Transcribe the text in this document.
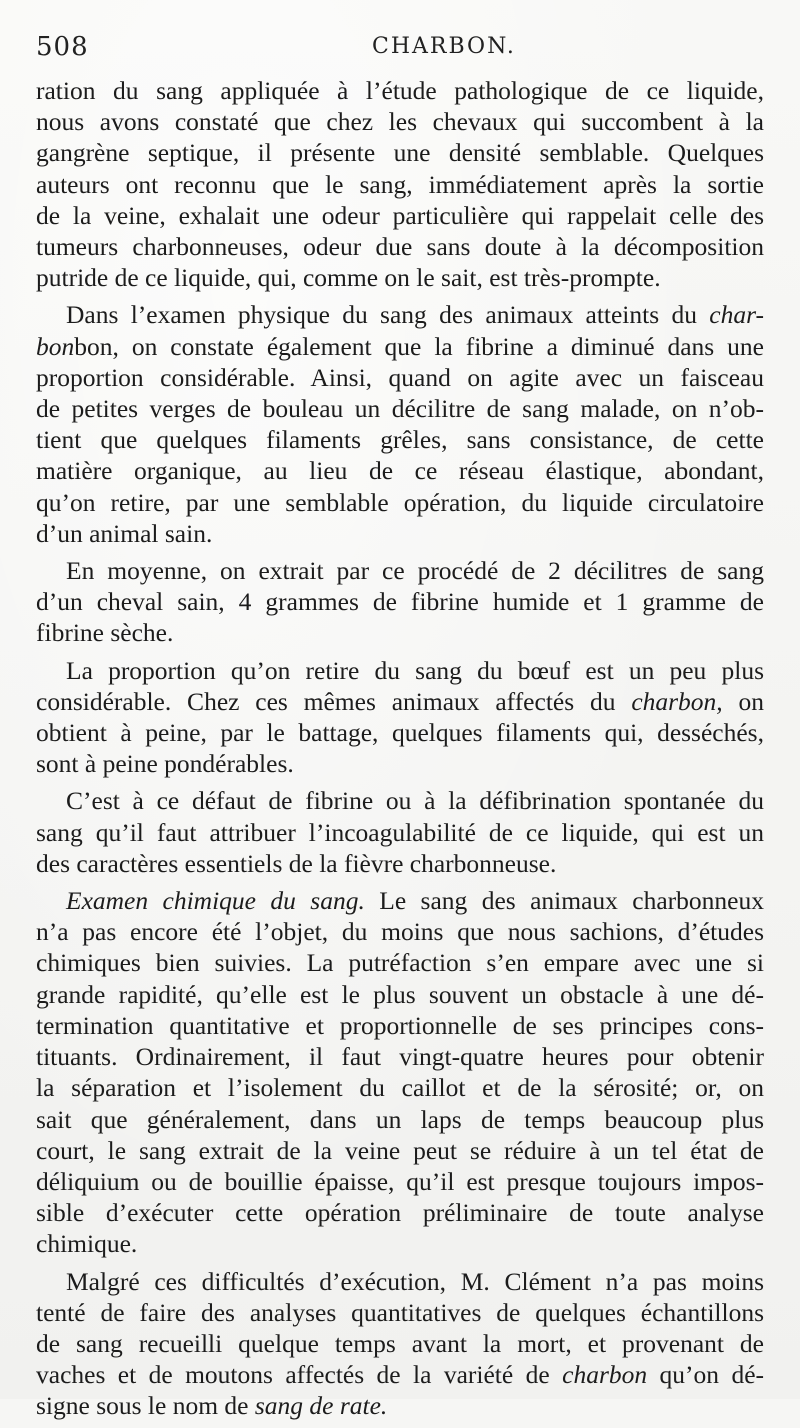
508	CHARBON.

ration du sang appliquée à l’étude pathologique de ce liquide,
nous avons constaté que chez les chevaux qui succombent à la
gangrène septique, il présente une densité semblable. Quelques
auteurs ont reconnu que le sang, immédiatement après la sortie
de la veine, exhalait une odeur particulière qui rappelait celle des
tumeurs charbonneuses, odeur due sans doute à la décomposition
putride de ce liquide, qui, comme on le sait, est très-prompte.

Dans l’examen physique du sang des animaux atteints du char-
bonbon, on constate également que la fibrine a diminué dans une
proportion considérable. Ainsi, quand on agite avec un faisceau
de petites verges de bouleau un décilitre de sang malade, on n’ob-
tient que quelques filaments grêles, sans consistance, de cette
matière organique, au lieu de ce réseau élastique, abondant,
qu’on retire, par une semblable opération, du liquide circulatoire
d’un animal sain.

En moyenne, on extrait par ce procédé de 2 décilitres de sang
d’un cheval sain, 4 grammes de fibrine humide et 1 gramme de
fibrine sèche.

La proportion qu’on retire du sang du bœuf est un peu plus
considérable. Chez ces mêmes animaux affectés du charbon, on
obtient à peine, par le battage, quelques filaments qui, desséchés,
sont à peine pondérables.

C’est à ce défaut de fibrine ou à la défibrination spontanée du
sang qu’il faut attribuer l’incoagulabilité de ce liquide, qui est un
des caractères essentiels de la fièvre charbonneuse.

Examen chimique du sang. Le sang des animaux charbonneux
n’a pas encore été l’objet, du moins que nous sachions, d’études
chimiques bien suivies. La putréfaction s’en empare avec une si
grande rapidité, qu’elle est le plus souvent un obstacle à une dé-
termination quantitative et proportionnelle de ses principes cons-
tituants. Ordinairement, il faut vingt-quatre heures pour obtenir
la séparation et l’isolement du caillot et de la sérosité; or, on
sait que généralement, dans un laps de temps beaucoup plus
court, le sang extrait de la veine peut se réduire à un tel état de
déliquium ou de bouillie épaisse, qu’il est presque toujours impos-
sible d’exécuter cette opération préliminaire de toute analyse
chimique.

Malgré ces difficultés d’exécution, M. Clément n’a pas moins
tenté de faire des analyses quantitatives de quelques échantillons
de sang recueilli quelque temps avant la mort, et provenant de
vaches et de moutons affectés de la variété de charbon qu’on dé-
signe sous le nom de sang de rate.
